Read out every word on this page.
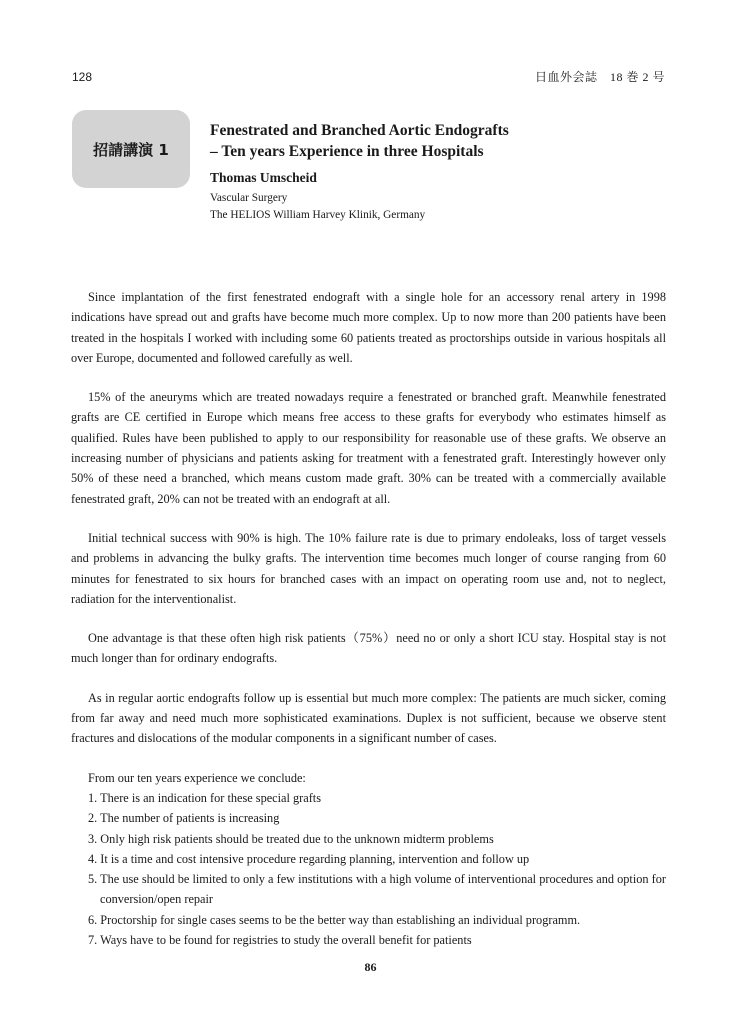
128	日血外会誌　18 巻 2 号
招請講演 1
Fenestrated and Branched Aortic Endografts
– Ten years Experience in three Hospitals
Thomas Umscheid
Vascular Surgery
The HELIOS William Harvey Klinik, Germany

Since implantation of the first fenestrated endograft with a single hole for an accessory renal artery in 1998 indications have spread out and grafts have become much more complex. Up to now more than 200 patients have been treated in the hospitals I worked with including some 60 patients treated as proctorships outside in various hospitals all over Europe, documented and followed carefully as well.

15% of the aneuryms which are treated nowadays require a fenestrated or branched graft. Meanwhile fenestrated grafts are CE certified in Europe which means free access to these grafts for everybody who estimates himself as qualified. Rules have been published to apply to our responsibility for reasonable use of these grafts. We observe an increasing number of physicians and patients asking for treatment with a fenestrated graft. Interestingly however only 50% of these need a branched, which means custom made graft. 30% can be treated with a commercially available fenestrated graft, 20% can not be treated with an endograft at all.

Initial technical success with 90% is high. The 10% failure rate is due to primary endoleaks, loss of target vessels and problems in advancing the bulky grafts. The intervention time becomes much longer of course ranging from 60 minutes for fenestrated to six hours for branched cases with an impact on operating room use and, not to neglect, radiation for the interventionalist.

One advantage is that these often high risk patients（75%）need no or only a short ICU stay. Hospital stay is not much longer than for ordinary endografts.

As in regular aortic endografts follow up is essential but much more complex: The patients are much sicker, coming from far away and need much more sophisticated examinations. Duplex is not sufficient, because we observe stent fractures and dislocations of the modular components in a significant number of cases.

From our ten years experience we conclude:

1. There is an indication for these special grafts
2. The number of patients is increasing
3. Only high risk patients should be treated due to the unknown midterm problems
4. It is a time and cost intensive procedure regarding planning, intervention and follow up
5. The use should be limited to only a few institutions with a high volume of interventional procedures and option for conversion/open repair
6. Proctorship for single cases seems to be the better way than establishing an individual programm.
7. Ways have to be found for registries to study the overall benefit for patients
86
